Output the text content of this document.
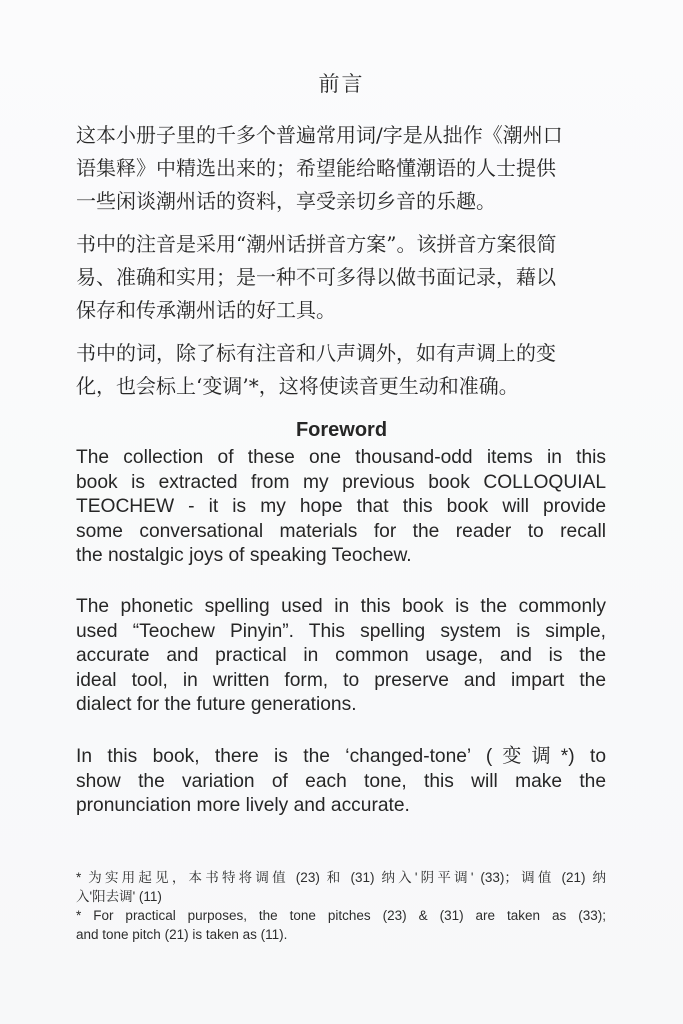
前言
这本小册子里的千多个普遍常用词/字是从拙作《潮州口
语集释》中精选出来的；希望能给略懂潮语的人士提供
一些闲谈潮州话的资料，享受亲切乡音的乐趣。
书中的注音是采用“潮州话拼音方案”。该拼音方案很简
易、准确和实用；是一种不可多得以做书面记录，藉以
保存和传承潮州话的好工具。
书中的词，除了标有注音和八声调外，如有声调上的变
化，也会标上‘变调’*，这将使读音更生动和准确。
Foreword
The collection of these one thousand-odd items in this
book is extracted from my previous book COLLOQUIAL
TEOCHEW - it is my hope that this book will provide
some conversational materials for the reader to recall
the nostalgic joys of speaking Teochew.
The phonetic spelling used in this book is the commonly
used “Teochew Pinyin”. This spelling system is simple,
accurate and practical in common usage, and is the
ideal tool, in written form, to preserve and impart the
dialect for the future generations.
In this book, there is the ‘changed-tone’ (变调*) to
show the variation of each tone, this will make the
pronunciation more lively and accurate.
* 为实用起见，本书特将调值 (23) 和 (31) 纳入'阴平调' (33)；调值 (21) 纳
入'阳去调' (11)
* For practical purposes, the tone pitches (23) & (31) are taken as (33);
and tone pitch (21) is taken as (11).
